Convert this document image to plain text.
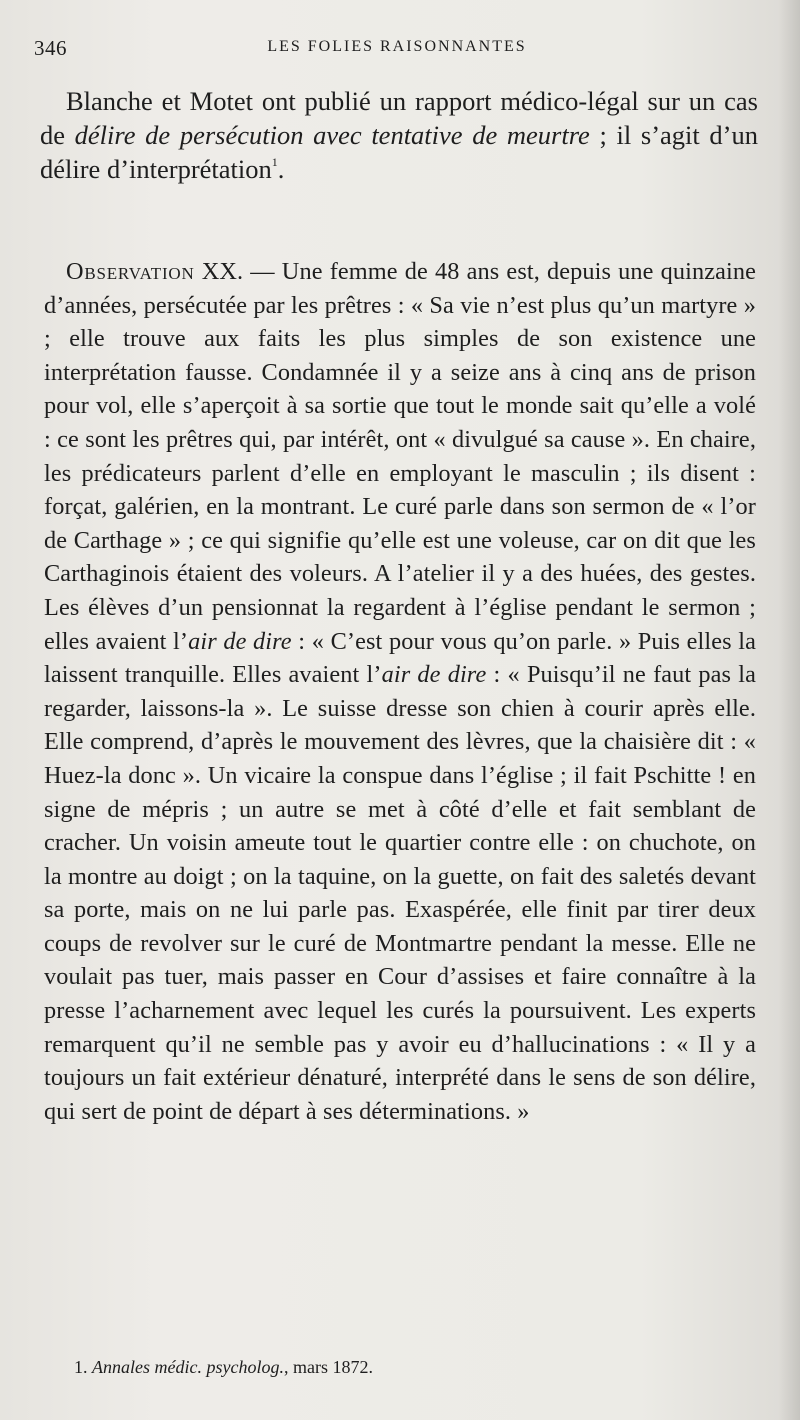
346	LES FOLIES RAISONNANTES

Blanche et Motet ont publié un rapport médico-légal sur un cas de délire de persécution avec tentative de meurtre ; il s’agit d’un délire d’interprétation$^1$.

Observation XX. — Une femme de 48 ans est, depuis une quinzaine d’années, persécutée par les prêtres : « Sa vie n’est plus qu’un martyre » ; elle trouve aux faits les plus simples de son existence une interprétation fausse. Condamnée il y a seize ans à cinq ans de prison pour vol, elle s’aperçoit à sa sortie que tout le monde sait qu’elle a volé : ce sont les prêtres qui, par intérêt, ont « divulgué sa cause ». En chaire, les prédicateurs parlent d’elle en employant le masculin ; ils disent : forçat, galérien, en la montrant. Le curé parle dans son sermon de « l’or de Carthage » ; ce qui signifie qu’elle est une voleuse, car on dit que les Carthaginois étaient des voleurs. A l’atelier il y a des huées, des gestes. Les élèves d’un pensionnat la regardent à l’église pendant le sermon ; elles avaient l’air de dire : « C’est pour vous qu’on parle. » Puis elles la laissent tranquille. Elles avaient l’air de dire : « Puisqu’il ne faut pas la regarder, laissons-la ». Le suisse dresse son chien à courir après elle. Elle comprend, d’après le mouvement des lèvres, que la chaisière dit : « Huez-la donc ». Un vicaire la conspue dans l’église ; il fait Pschitte ! en signe de mépris ; un autre se met à côté d’elle et fait semblant de cracher. Un voisin ameute tout le quartier contre elle : on chuchote, on la montre au doigt ; on la taquine, on la guette, on fait des saletés devant sa porte, mais on ne lui parle pas. Exaspérée, elle finit par tirer deux coups de revolver sur le curé de Montmartre pendant la messe. Elle ne voulait pas tuer, mais passer en Cour d’assises et faire connaître à la presse l’acharnement avec lequel les curés la poursuivent. Les experts remarquent qu’il ne semble pas y avoir eu d’hallucinations : « Il y a toujours un fait extérieur dénaturé, interprété dans le sens de son délire, qui sert de point de départ à ses déterminations. »

1. Annales médic. psycholog., mars 1872.
